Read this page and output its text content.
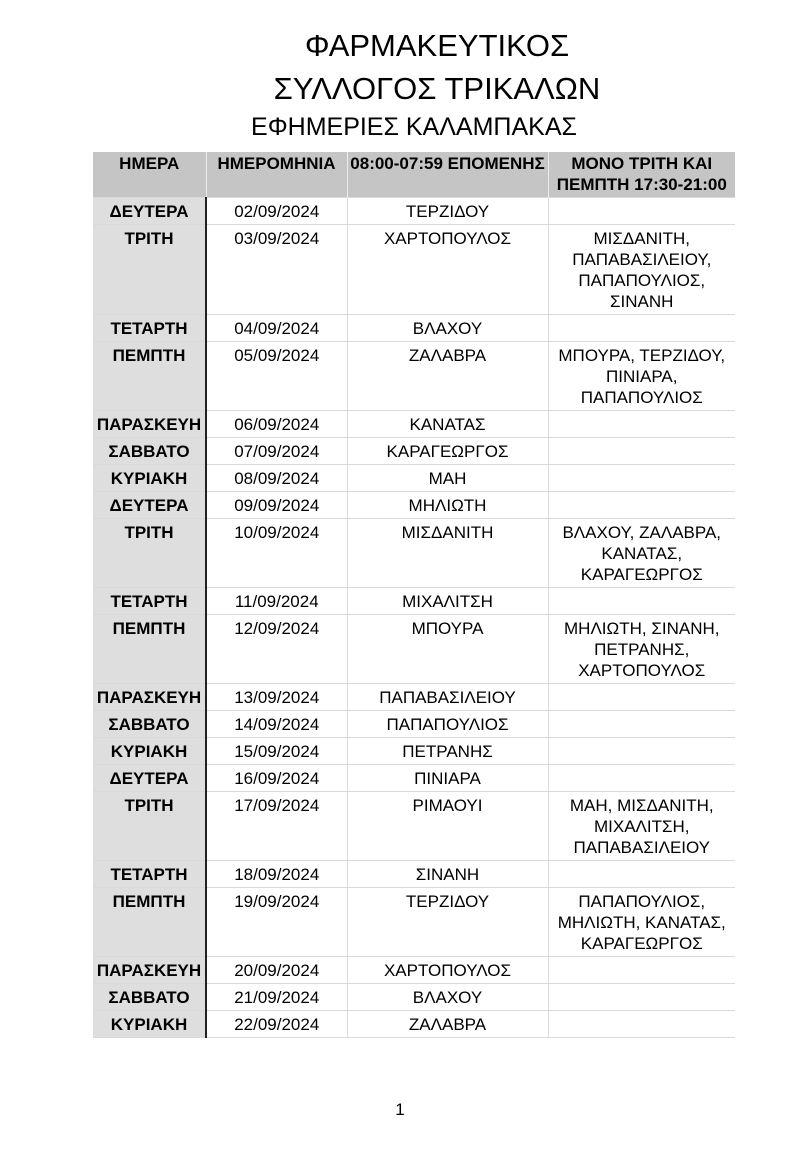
ΦΑΡΜΑΚΕΥΤΙΚΟΣ
ΣΥΛΛΟΓΟΣ ΤΡΙΚΑΛΩΝ
ΕΦΗΜΕΡΙΕΣ ΚΑΛΑΜΠΑΚΑΣ
ΗΜΕΡΑ	ΗΜΕΡΟΜΗΝΙΑ	08:00-07:59 ΕΠΟΜΕΝΗΣ	ΜΟΝΟ ΤΡΙΤΗ ΚΑΙ ΠΕΜΠΤΗ 17:30-21:00
ΔΕΥΤΕΡΑ	02/09/2024	ΤΕΡΖΙΔΟΥ	
ΤΡΙΤΗ	03/09/2024	ΧΑΡΤΟΠΟΥΛΟΣ	ΜΙΣΔΑΝΙΤΗ, ΠΑΠΑΒΑΣΙΛΕΙΟΥ, ΠΑΠΑΠΟΥΛΙΟΣ, ΣΙΝΑΝΗ
ΤΕΤΑΡΤΗ	04/09/2024	ΒΛΑΧΟΥ	
ΠΕΜΠΤΗ	05/09/2024	ΖΑΛΑΒΡΑ	ΜΠΟΥΡΑ, ΤΕΡΖΙΔΟΥ, ΠΙΝΙΑΡΑ, ΠΑΠΑΠΟΥΛΙΟΣ
ΠΑΡΑΣΚΕΥΗ	06/09/2024	ΚΑΝΑΤΑΣ	
ΣΑΒΒΑΤΟ	07/09/2024	ΚΑΡΑΓΕΩΡΓΟΣ	
ΚΥΡΙΑΚΗ	08/09/2024	ΜΑΗ	
ΔΕΥΤΕΡΑ	09/09/2024	ΜΗΛΙΩΤΗ	
ΤΡΙΤΗ	10/09/2024	ΜΙΣΔΑΝΙΤΗ	ΒΛΑΧΟΥ, ΖΑΛΑΒΡΑ, ΚΑΝΑΤΑΣ, ΚΑΡΑΓΕΩΡΓΟΣ
ΤΕΤΑΡΤΗ	11/09/2024	ΜΙΧΑΛΙΤΣΗ	
ΠΕΜΠΤΗ	12/09/2024	ΜΠΟΥΡΑ	ΜΗΛΙΩΤΗ, ΣΙΝΑΝΗ, ΠΕΤΡΑΝΗΣ, ΧΑΡΤΟΠΟΥΛΟΣ
ΠΑΡΑΣΚΕΥΗ	13/09/2024	ΠΑΠΑΒΑΣΙΛΕΙΟΥ	
ΣΑΒΒΑΤΟ	14/09/2024	ΠΑΠΑΠΟΥΛΙΟΣ	
ΚΥΡΙΑΚΗ	15/09/2024	ΠΕΤΡΑΝΗΣ	
ΔΕΥΤΕΡΑ	16/09/2024	ΠΙΝΙΑΡΑ	
ΤΡΙΤΗ	17/09/2024	ΡΙΜΑΟΥΙ	ΜΑΗ, ΜΙΣΔΑΝΙΤΗ, ΜΙΧΑΛΙΤΣΗ, ΠΑΠΑΒΑΣΙΛΕΙΟΥ
ΤΕΤΑΡΤΗ	18/09/2024	ΣΙΝΑΝΗ	
ΠΕΜΠΤΗ	19/09/2024	ΤΕΡΖΙΔΟΥ	ΠΑΠΑΠΟΥΛΙΟΣ, ΜΗΛΙΩΤΗ, ΚΑΝΑΤΑΣ, ΚΑΡΑΓΕΩΡΓΟΣ
ΠΑΡΑΣΚΕΥΗ	20/09/2024	ΧΑΡΤΟΠΟΥΛΟΣ	
ΣΑΒΒΑΤΟ	21/09/2024	ΒΛΑΧΟΥ	
ΚΥΡΙΑΚΗ	22/09/2024	ΖΑΛΑΒΡΑ	
1
